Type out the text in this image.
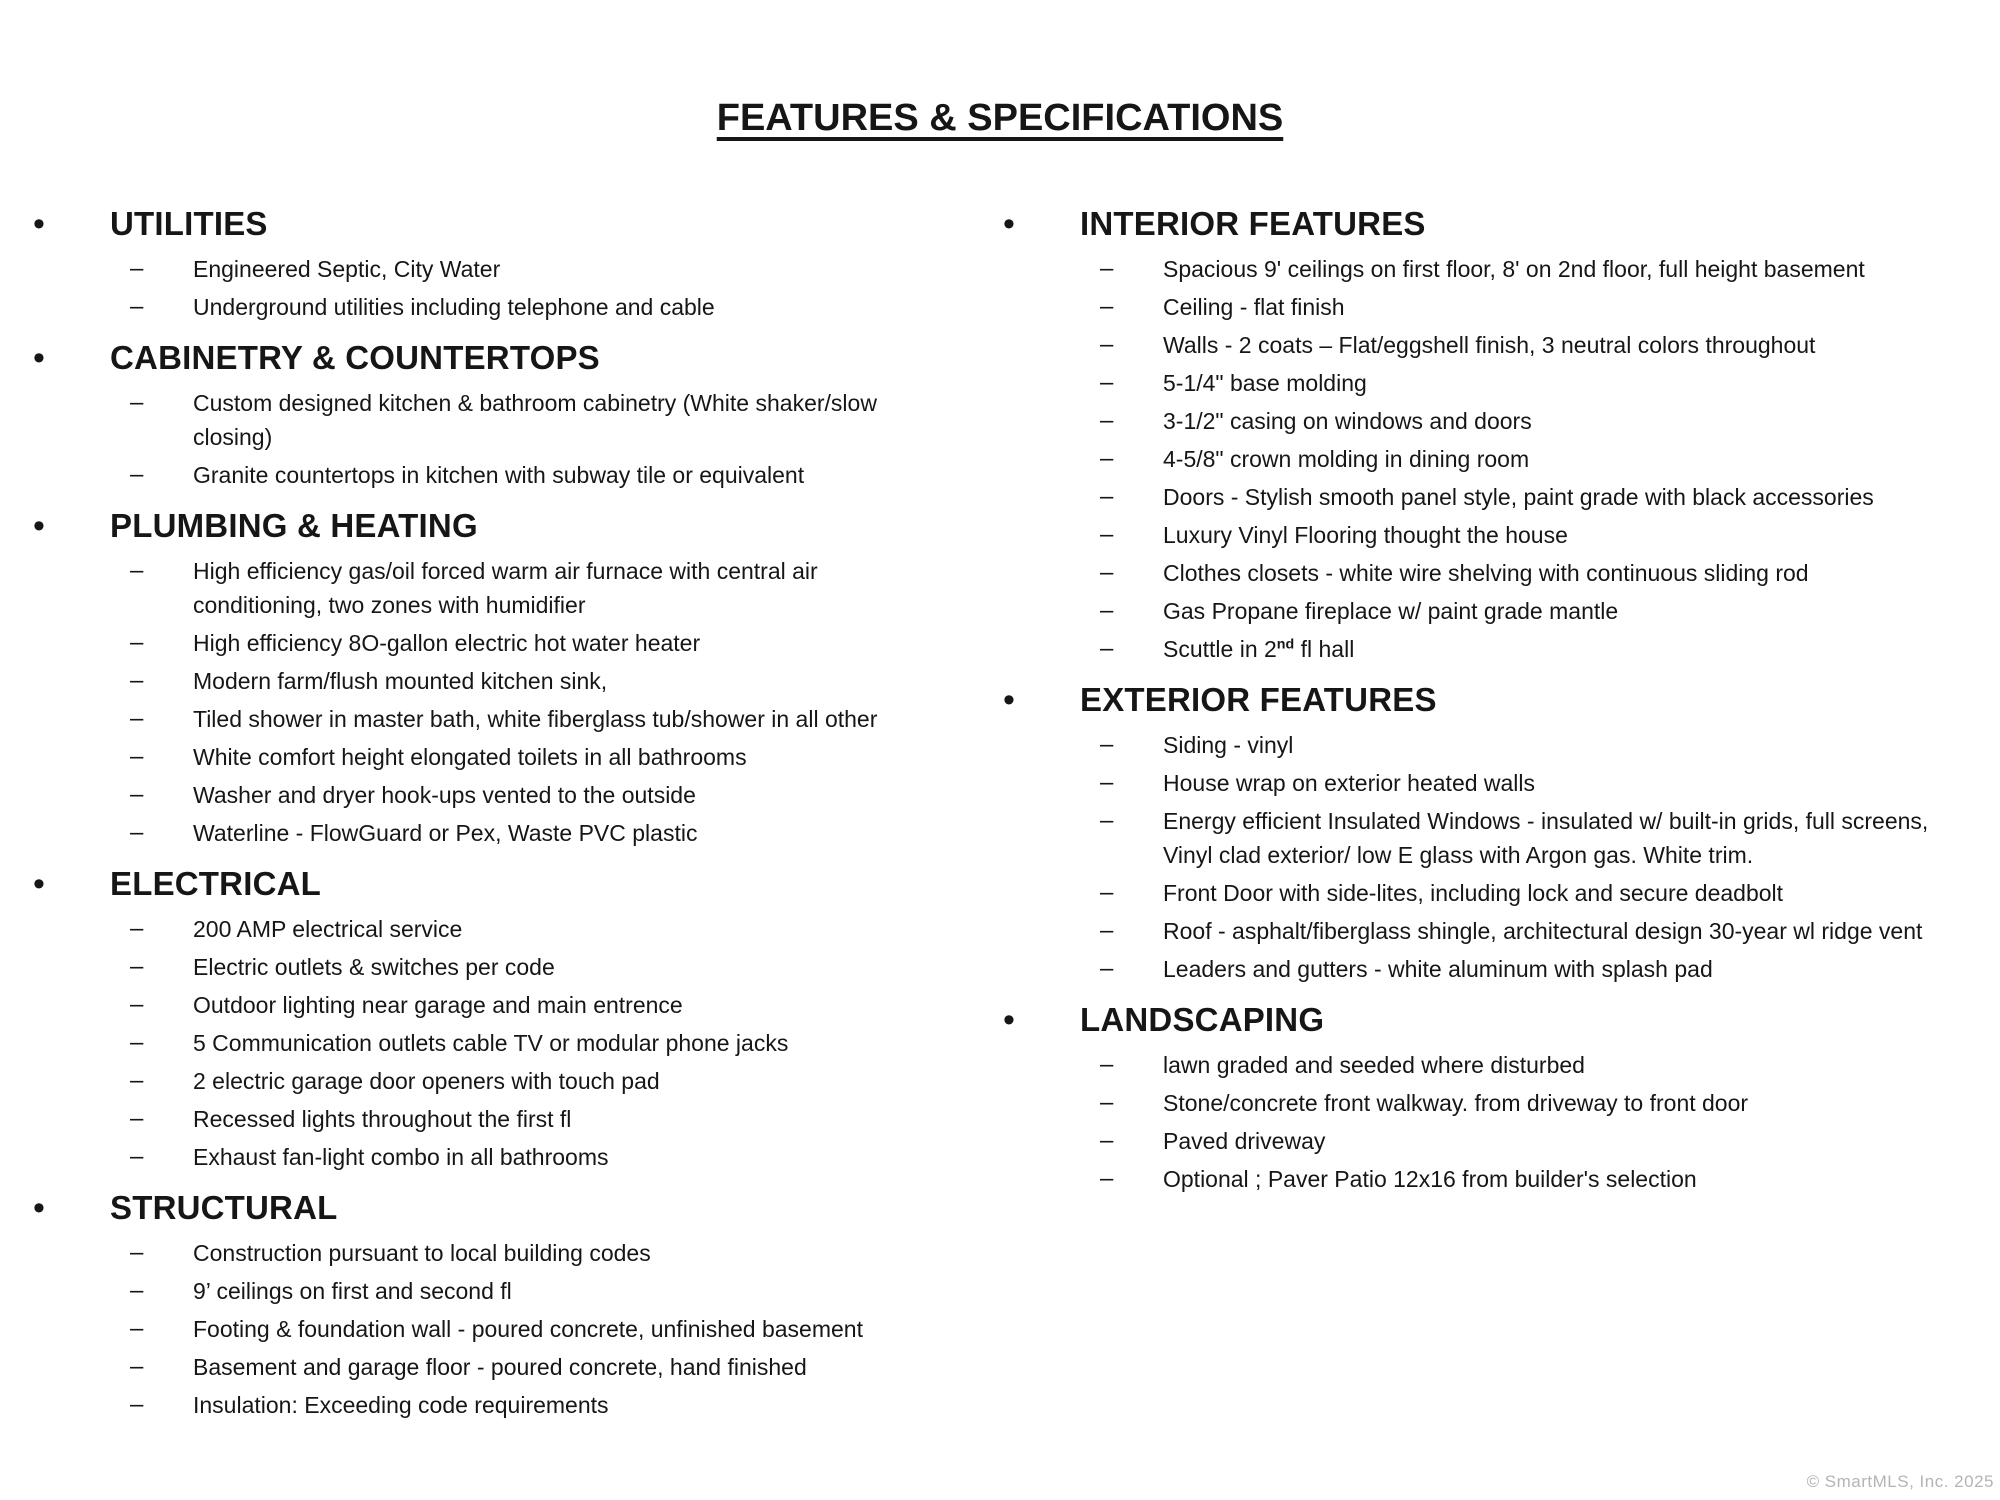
FEATURES & SPECIFICATIONS
•	UTILITIES
–	Engineered Septic, City Water
–	Underground utilities including telephone and cable
•	CABINETRY & COUNTERTOPS
–	Custom designed kitchen & bathroom cabinetry (White shaker/slow closing)
–	Granite countertops in kitchen with subway tile or equivalent
•	PLUMBING & HEATING
–	High efficiency gas/oil forced warm air furnace with central air conditioning, two zones with humidifier
–	High efficiency 8O-gallon electric hot water heater
–	Modern farm/flush mounted kitchen sink,
–	Tiled shower in master bath, white fiberglass tub/shower in all other
–	White comfort height elongated toilets in all bathrooms
–	Washer and dryer hook-ups vented to the outside
–	Waterline - FlowGuard or Pex, Waste PVC plastic
•	ELECTRICAL
–	200 AMP electrical service
–	Electric outlets & switches per code
–	Outdoor lighting near garage and main entrence
–	5 Communication outlets cable TV or modular phone jacks
–	2 electric garage door openers with touch pad
–	Recessed lights throughout the first fl
–	Exhaust fan-light combo in all bathrooms
•	STRUCTURAL
–	Construction pursuant to local building codes
–	9’ ceilings on first and second fl
–	Footing & foundation wall - poured concrete, unfinished basement
–	Basement and garage floor - poured concrete, hand finished
–	Insulation: Exceeding code requirements
•	INTERIOR FEATURES
–	Spacious 9' ceilings on first floor, 8' on 2nd floor, full height basement
–	Ceiling - flat finish
–	Walls - 2 coats – Flat/eggshell finish, 3 neutral colors throughout
–	5-1/4" base molding
–	3-1/2" casing on windows and doors
–	4-5/8" crown molding in dining room
–	Doors - Stylish smooth panel style, paint grade with black accessories
–	Luxury Vinyl Flooring thought the house
–	Clothes closets - white wire shelving with continuous sliding rod
–	Gas Propane fireplace w/ paint grade mantle
–	Scuttle in 2nd fl hall
•	EXTERIOR FEATURES
–	Siding - vinyl
–	House wrap on exterior heated walls
–	Energy efficient Insulated Windows - insulated w/ built-in grids, full screens, Vinyl clad exterior/ low E glass with Argon gas. White trim.
–	Front Door with side-lites, including lock and secure deadbolt
–	Roof - asphalt/fiberglass shingle, architectural design 30-year wl ridge vent
–	Leaders and gutters - white aluminum with splash pad
•	LANDSCAPING
–	lawn graded and seeded where disturbed
–	Stone/concrete front walkway. from driveway to front door
–	Paved driveway
–	Optional ; Paver Patio 12x16 from builder's selection
© SmartMLS, Inc. 2025
